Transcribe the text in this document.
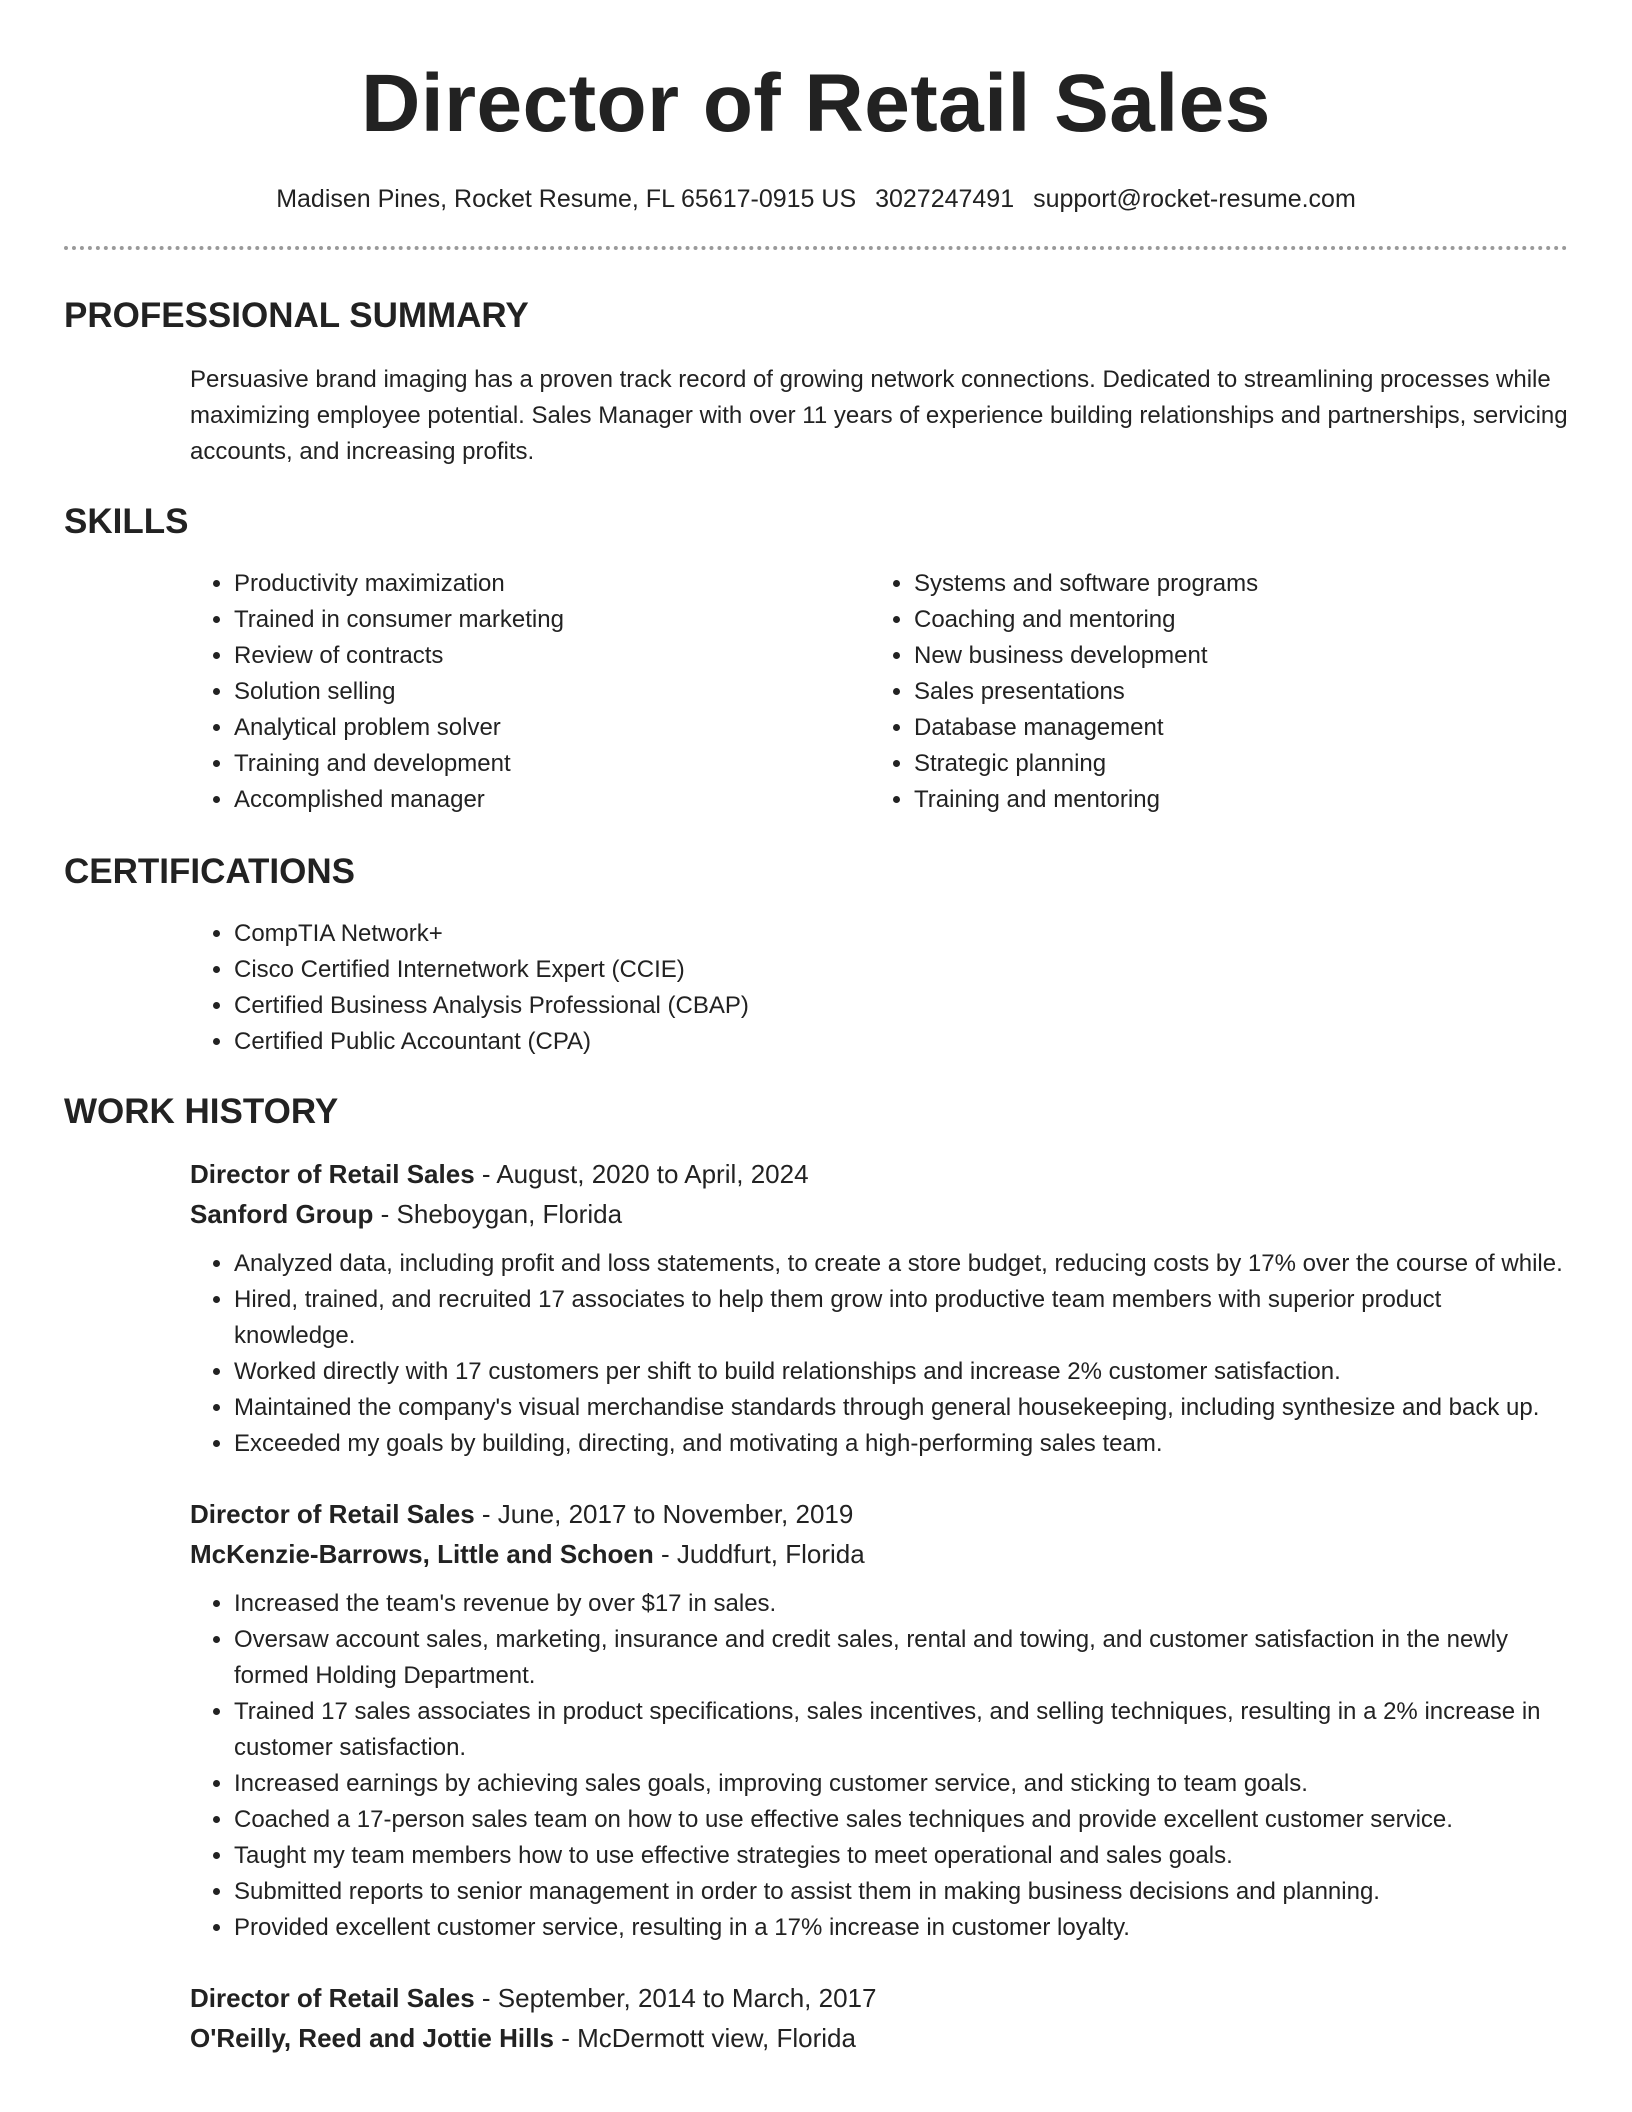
Director of Retail Sales
Madisen Pines, Rocket Resume, FL 65617-0915 US 3027247491 support@rocket-resume.com
PROFESSIONAL SUMMARY

Persuasive brand imaging has a proven track record of growing network connections. Dedicated to streamlining processes while maximizing employee potential. Sales Manager with over 11 years of experience building relationships and partnerships, servicing accounts, and increasing profits.

SKILLS
• Productivity maximization
• Trained in consumer marketing
• Review of contracts
• Solution selling
• Analytical problem solver
• Training and development
• Accomplished manager
• Systems and software programs
• Coaching and mentoring
• New business development
• Sales presentations
• Database management
• Strategic planning
• Training and mentoring
CERTIFICATIONS
• CompTIA Network+
• Cisco Certified Internetwork Expert (CCIE)
• Certified Business Analysis Professional (CBAP)
• Certified Public Accountant (CPA)
WORK HISTORY
Director of Retail Sales - August, 2020 to April, 2024
Sanford Group - Sheboygan, Florida
• Analyzed data, including profit and loss statements, to create a store budget, reducing costs by 17% over the course of while.
• Hired, trained, and recruited 17 associates to help them grow into productive team members with superior product knowledge.
• Worked directly with 17 customers per shift to build relationships and increase 2% customer satisfaction.
• Maintained the company's visual merchandise standards through general housekeeping, including synthesize and back up.
• Exceeded my goals by building, directing, and motivating a high-performing sales team.
Director of Retail Sales - June, 2017 to November, 2019
McKenzie-Barrows, Little and Schoen - Juddfurt, Florida
• Increased the team's revenue by over $17 in sales.
• Oversaw account sales, marketing, insurance and credit sales, rental and towing, and customer satisfaction in the newly formed Holding Department.
• Trained 17 sales associates in product specifications, sales incentives, and selling techniques, resulting in a 2% increase in customer satisfaction.
• Increased earnings by achieving sales goals, improving customer service, and sticking to team goals.
• Coached a 17-person sales team on how to use effective sales techniques and provide excellent customer service.
• Taught my team members how to use effective strategies to meet operational and sales goals.
• Submitted reports to senior management in order to assist them in making business decisions and planning.
• Provided excellent customer service, resulting in a 17% increase in customer loyalty.
Director of Retail Sales - September, 2014 to March, 2017
O'Reilly, Reed and Jottie Hills - McDermott view, Florida
